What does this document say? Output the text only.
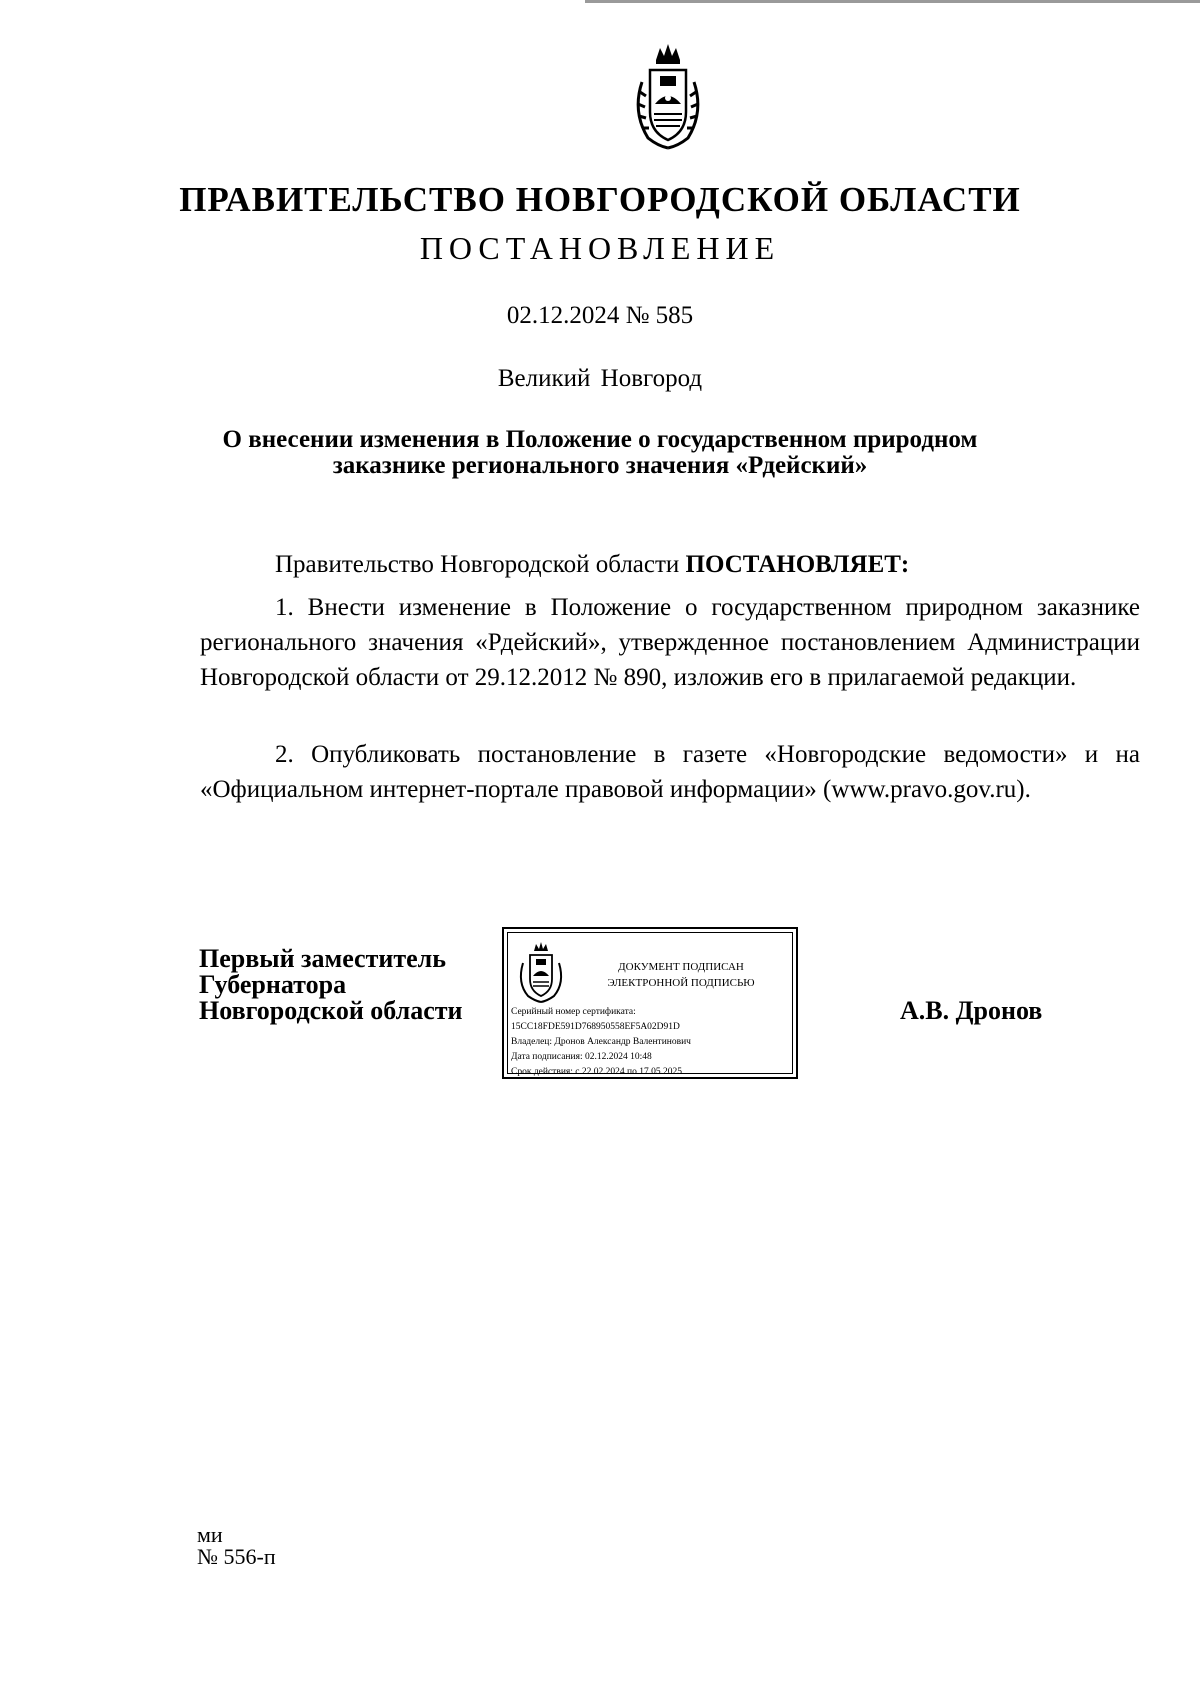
ПРАВИТЕЛЬСТВО НОВГОРОДСКОЙ ОБЛАСТИ
ПОСТАНОВЛЕНИЕ
02.12.2024 № 585
Великий Новгород
О внесении изменения в Положение о государственном природном
заказнике регионального значения «Рдейский»
Правительство Новгородской области ПОСТАНОВЛЯЕТ:
1. Внести изменение в Положение о государственном природном заказнике регионального значения «Рдейский», утвержденное постановлением Администрации Новгородской области от 29.12.2012 № 890, изложив его в прилагаемой редакции.
2. Опубликовать постановление в газете «Новгородские ведомости» и на «Официальном интернет-портале правовой информации» (www.pravo.gov.ru).
Первый заместитель
Губернатора
Новгородской области
ДОКУМЕНТ ПОДПИСАН
ЭЛЕКТРОННОЙ ПОДПИСЬЮ
Серийный номер сертификата:
15CC18FDE591D768950558EF5A02D91D
Владелец: Дронов Александр Валентинович
Дата подписания: 02.12.2024 10:48
Срок действия: с 22.02.2024 по 17.05.2025
А.В. Дронов
ми
№ 556-п
